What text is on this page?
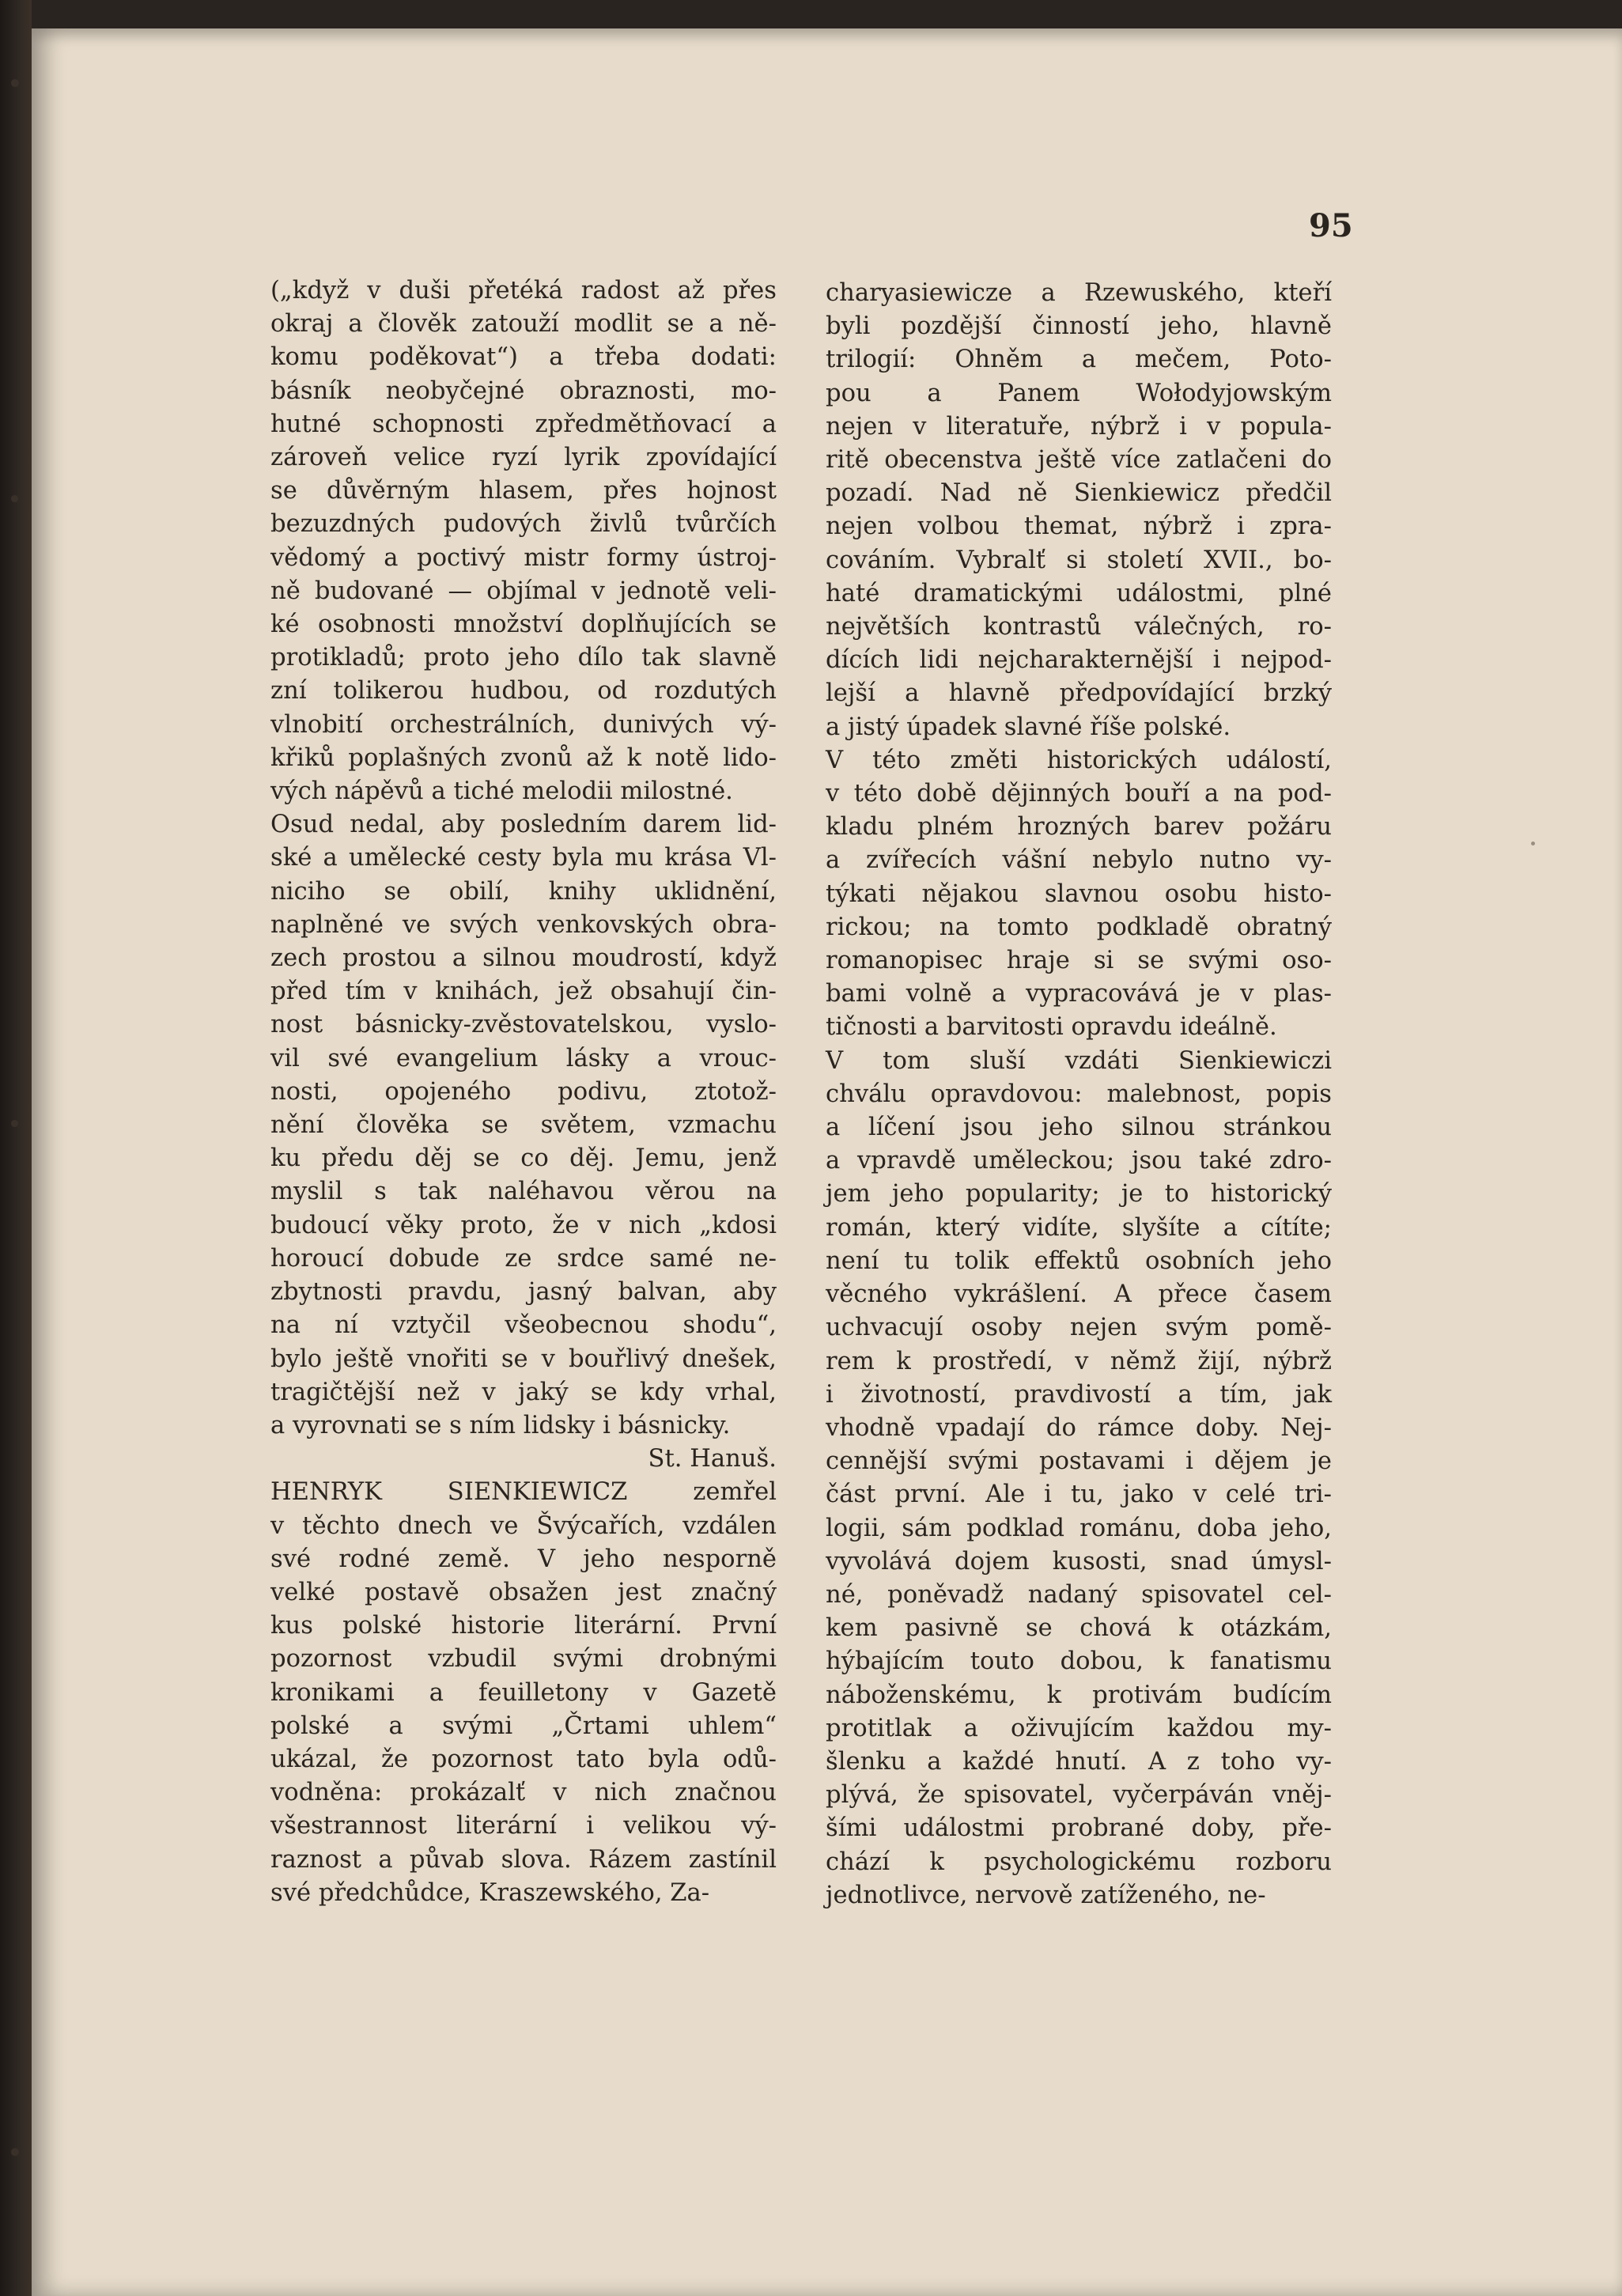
95
(„když v duši přetéká radost až přes
okraj a člověk zatouží modlit se a ně-
komu poděkovat“) a třeba dodati:
básník neobyčejné obraznosti, mo-
hutné schopnosti zpředmětňovací a
zároveň velice ryzí lyrik zpovídající
se důvěrným hlasem, přes hojnost
bezuzdných pudových živlů tvůrčích
vědomý a poctivý mistr formy ústroj-
ně budované — objímal v jednotě veli-
ké osobnosti množství doplňujících se
protikladů; proto jeho dílo tak slavně
zní tolikerou hudbou, od rozdutých
vlnobití orchestrálních, dunivých vý-
křiků poplašných zvonů až k notě lido-
vých nápěvů a tiché melodii milostné.
Osud nedal, aby posledním darem lid-
ské a umělecké cesty byla mu krása Vl-
niciho se obilí, knihy uklidnění,
naplněné ve svých venkovských obra-
zech prostou a silnou moudrostí, když
před tím v knihách, jež obsahují čin-
nost básnicky-zvěstovatelskou, vyslo-
vil své evangelium lásky a vrouc-
nosti, opojeného podivu, ztotož-
nění člověka se světem, vzmachu
ku předu děj se co děj. Jemu, jenž
myslil s tak naléhavou věrou na
budoucí věky proto, že v nich „kdosi
horoucí dobude ze srdce samé ne-
zbytnosti pravdu, jasný balvan, aby
na ní vztyčil všeobecnou shodu“,
bylo ještě vnořiti se v bouřlivý dnešek,
tragičtější než v jaký se kdy vrhal,
a vyrovnati se s ním lidsky i básnicky.
St. Hanuš.
HENRYK SIENKIEWICZ zemřel
v těchto dnech ve Švýcařích, vzdálen
své rodné země. V jeho nesporně
velké postavě obsažen jest značný
kus polské historie literární. První
pozornost vzbudil svými drobnými
kronikami a feuilletony v Gazetě
polské a svými „Črtami uhlem“
ukázal, že pozornost tato byla odů-
vodněna: prokázalť v nich značnou
všestrannost literární i velikou vý-
raznost a půvab slova. Rázem zastínil
své předchůdce, Kraszewského, Za-
charyasiewicze a Rzewuského, kteří
byli pozdější činností jeho, hlavně
trilogií: Ohněm a mečem, Poto-
pou a Panem Wołodyjowským
nejen v literatuře, nýbrž i v popula-
ritě obecenstva ještě více zatlačeni do
pozadí. Nad ně Sienkiewicz předčil
nejen volbou themat, nýbrž i zpra-
cováním. Vybralť si století XVII., bo-
haté dramatickými událostmi, plné
největších kontrastů válečných, ro-
dících lidi nejcharakternější i nejpod-
lejší a hlavně předpovídající brzký
a jistý úpadek slavné říše polské.
V této změti historických událostí,
v této době dějinných bouří a na pod-
kladu plném hrozných barev požáru
a zvířecích vášní nebylo nutno vy-
týkati nějakou slavnou osobu histo-
rickou; na tomto podkladě obratný
romanopisec hraje si se svými oso-
bami volně a vypracovává je v plas-
tičnosti a barvitosti opravdu ideálně.
V tom sluší vzdáti Sienkiewiczi
chválu opravdovou: malebnost, popis
a líčení jsou jeho silnou stránkou
a vpravdě uměleckou; jsou také zdro-
jem jeho popularity; je to historický
román, který vidíte, slyšíte a cítíte;
není tu tolik effektů osobních jeho
věcného vykrášlení. A přece časem
uchvacují osoby nejen svým pomě-
rem k prostředí, v němž žijí, nýbrž
i životností, pravdivostí a tím, jak
vhodně vpadají do rámce doby. Nej-
cennější svými postavami i dějem je
část první. Ale i tu, jako v celé tri-
logii, sám podklad románu, doba jeho,
vyvolává dojem kusosti, snad úmysl-
né, poněvadž nadaný spisovatel cel-
kem pasivně se chová k otázkám,
hýbajícím touto dobou, k fanatismu
náboženskému, k protivám budícím
protitlak a oživujícím každou my-
šlenku a každé hnutí. A z toho vy-
plývá, že spisovatel, vyčerpáván vněj-
šími událostmi probrané doby, pře-
chází k psychologickému rozboru
jednotlivce, nervově zatíženého, ne-
